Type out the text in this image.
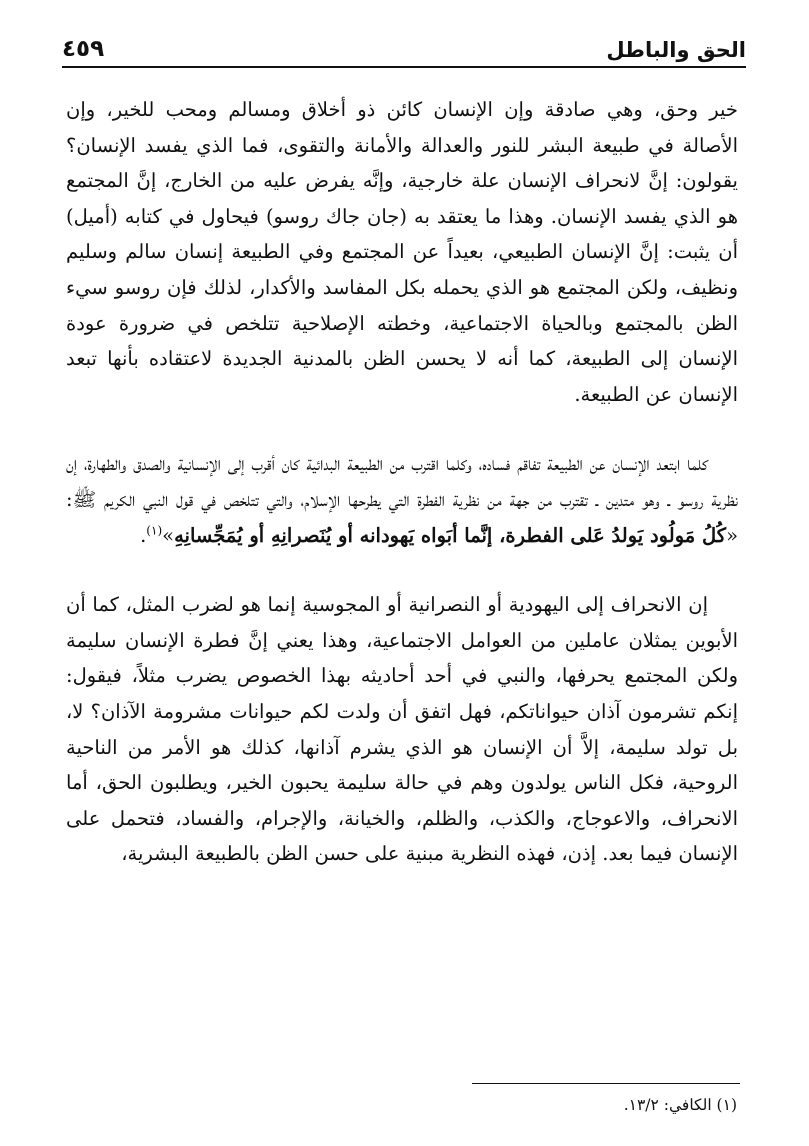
٤٥٩	الحق والباطل

خير وحق، وهي صادقة وإن الإنسان كائن ذو أخلاق ومسالم ومحب للخير، وإن الأصالة في طبيعة البشر للنور والعدالة والأمانة والتقوى، فما الذي يفسد الإنسان؟ يقولون: إنَّ لانحراف الإنسان علة خارجية، وإنَّه يفرض عليه من الخارج، إنَّ المجتمع هو الذي يفسد الإنسان. وهذا ما يعتقد به (جان جاك روسو) فيحاول في كتابه (أميل) أن يثبت: إنَّ الإنسان الطبيعي، بعيداً عن المجتمع وفي الطبيعة إنسان سالم وسليم ونظيف، ولكن المجتمع هو الذي يحمله بكل المفاسد والأكدار، لذلك فإن روسو سيء الظن بالمجتمع وبالحياة الاجتماعية، وخطته الإصلاحية تتلخص في ضرورة عودة الإنسان إلى الطبيعة، كما أنه لا يحسن الظن بالمدنية الجديدة لاعتقاده بأنها تبعد الإنسان عن الطبيعة.

كلما ابتعد الإنسان عن الطبيعة تفاقم فساده، وكلما اقترب من الطبيعة البدائية كان أقرب إلى الإنسانية والصدق والطهارة، إن نظرية روسو ـ وهو متدين ـ تقترب من جهة من نظرية الفطرة التي يطرحها الإسلام، والتي تتلخص في قول النبي الكريم ﷺ: «كُلُ مَولُود يَولدُ عَلى الفطرة، إنَّما أبَواه يَهودانه أو يُنَصرانِهِ أو يُمَجِّسانِهِ»$^{(١)}$.

إن الانحراف إلى اليهودية أو النصرانية أو المجوسية إنما هو لضرب المثل، كما أن الأبوين يمثلان عاملين من العوامل الاجتماعية، وهذا يعني إنَّ فطرة الإنسان سليمة ولكن المجتمع يحرفها، والنبي في أحد أحاديثه بهذا الخصوص يضرب مثلاً، فيقول: إنكم تشرمون آذان حيواناتكم، فهل اتفق أن ولدت لكم حيوانات مشرومة الآذان؟ لا، بل تولد سليمة، إلاَّ أن الإنسان هو الذي يشرم آذانها، كذلك هو الأمر من الناحية الروحية، فكل الناس يولدون وهم في حالة سليمة يحبون الخير، ويطلبون الحق، أما الانحراف، والاعوجاج، والكذب، والظلم، والخيانة، والإجرام، والفساد، فتحمل على الإنسان فيما بعد. إذن، فهذه النظرية مبنية على حسن الظن بالطبيعة البشرية،

(١) الكافي: ١٣/٢.
